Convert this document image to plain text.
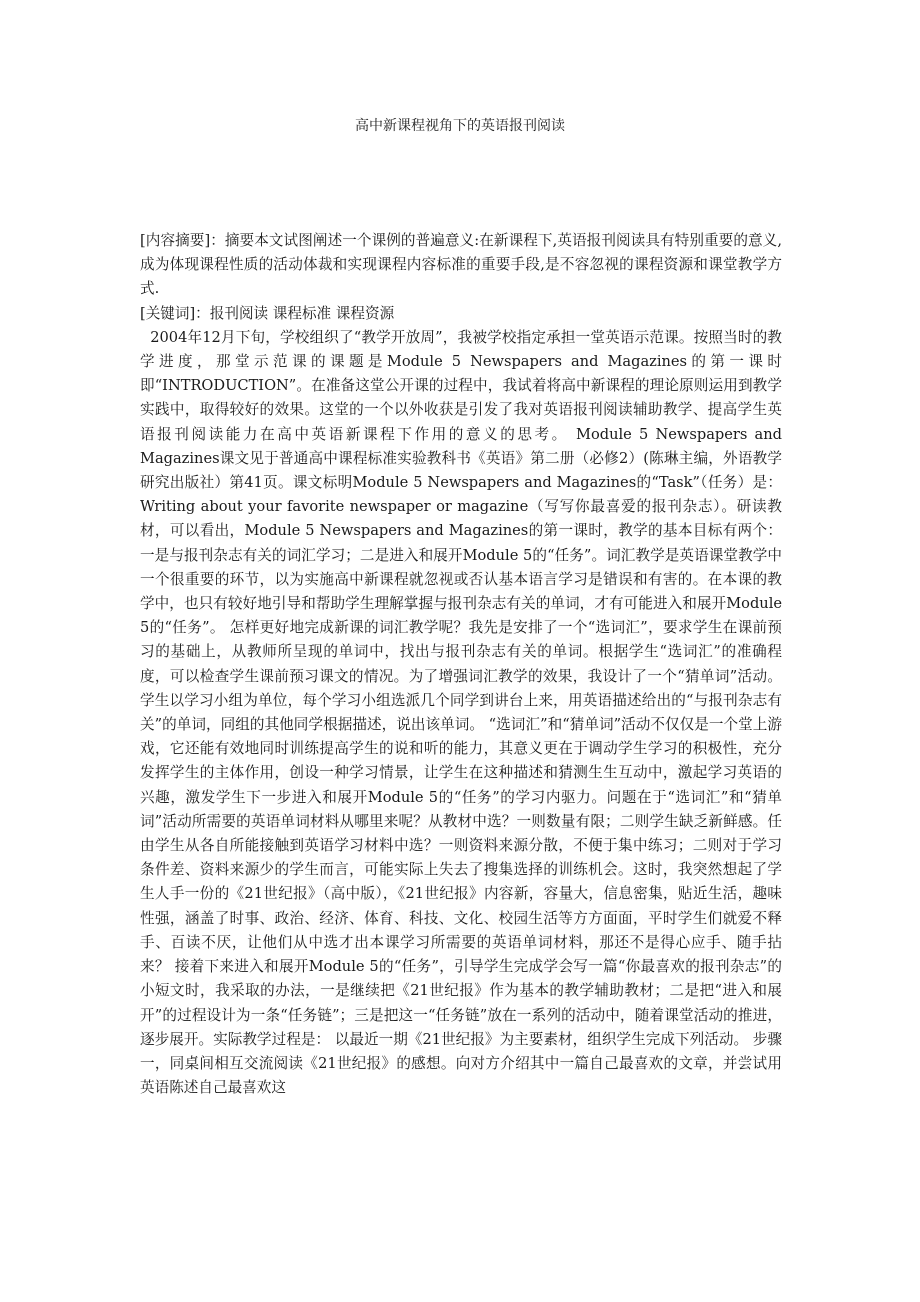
高中新课程视角下的英语报刊阅读

[内容摘要]：摘要本文试图阐述一个课例的普遍意义:在新课程下,英语报刊阅读具有特别重要的意义,成为体现课程性质的活动体裁和实现课程内容标准的重要手段,是不容忽视的课程资源和课堂教学方式.

[关键词]：报刊阅读 课程标准 课程资源

2004年12月下旬，学校组织了“教学开放周”，我被学校指定承担一堂英语示范课。按照当时的教学进度，那堂示范课的课题是Module 5 Newspapers and Magazines的第一课时即“INTRODUCTION”。在准备这堂公开课的过程中，我试着将高中新课程的理论原则运用到教学实践中，取得较好的效果。这堂的一个以外收获是引发了我对英语报刊阅读辅助教学、提高学生英语报刊阅读能力在高中英语新课程下作用的意义的思考。 Module 5 Newspapers and Magazines课文见于普通高中课程标准实验教科书《英语》第二册（必修2）(陈琳主编，外语教学研究出版社）第41页。课文标明Module 5 Newspapers and Magazines的“Task”（任务）是：Writing about your favorite newspaper or magazine（写写你最喜爱的报刊杂志）。研读教材，可以看出，Module 5 Newspapers and Magazines的第一课时，教学的基本目标有两个：一是与报刊杂志有关的词汇学习；二是进入和展开Module 5的“任务”。词汇教学是英语课堂教学中一个很重要的环节，以为实施高中新课程就忽视或否认基本语言学习是错误和有害的。在本课的教学中，也只有较好地引导和帮助学生理解掌握与报刊杂志有关的单词，才有可能进入和展开Module 5的“任务”。 怎样更好地完成新课的词汇教学呢？我先是安排了一个“选词汇”，要求学生在课前预习的基础上，从教师所呈现的单词中，找出与报刊杂志有关的单词。根据学生“选词汇”的准确程度，可以检查学生课前预习课文的情况。为了增强词汇教学的效果，我设计了一个“猜单词”活动。学生以学习小组为单位，每个学习小组选派几个同学到讲台上来，用英语描述给出的“与报刊杂志有关”的单词，同组的其他同学根据描述，说出该单词。 “选词汇”和“猜单词”活动不仅仅是一个堂上游戏，它还能有效地同时训练提高学生的说和听的能力，其意义更在于调动学生学习的积极性，充分发挥学生的主体作用，创设一种学习情景，让学生在这种描述和猜测生生互动中，激起学习英语的兴趣，激发学生下一步进入和展开Module 5的“任务”的学习内驱力。问题在于“选词汇”和“猜单词”活动所需要的英语单词材料从哪里来呢？从教材中选？一则数量有限；二则学生缺乏新鲜感。任由学生从各自所能接触到英语学习材料中选？一则资料来源分散，不便于集中练习；二则对于学习条件差、资料来源少的学生而言，可能实际上失去了搜集选择的训练机会。这时，我突然想起了学生人手一份的《21世纪报》（高中版），《21世纪报》内容新，容量大，信息密集，贴近生活，趣味性强，涵盖了时事、政治、经济、体育、科技、文化、校园生活等方方面面，平时学生们就爱不释手、百读不厌，让他们从中选才出本课学习所需要的英语单词材料，那还不是得心应手、随手拈来？ 接着下来进入和展开Module 5的“任务”，引导学生完成学会写一篇“你最喜欢的报刊杂志”的小短文时，我采取的办法，一是继续把《21世纪报》作为基本的教学辅助教材；二是把“进入和展开”的过程设计为一条“任务链”；三是把这一“任务链”放在一系列的活动中，随着课堂活动的推进，逐步展开。实际教学过程是： 以最近一期《21世纪报》为主要素材，组织学生完成下列活动。 步骤一，同桌间相互交流阅读《21世纪报》的感想。向对方介绍其中一篇自己最喜欢的文章，并尝试用英语陈述自己最喜欢这
